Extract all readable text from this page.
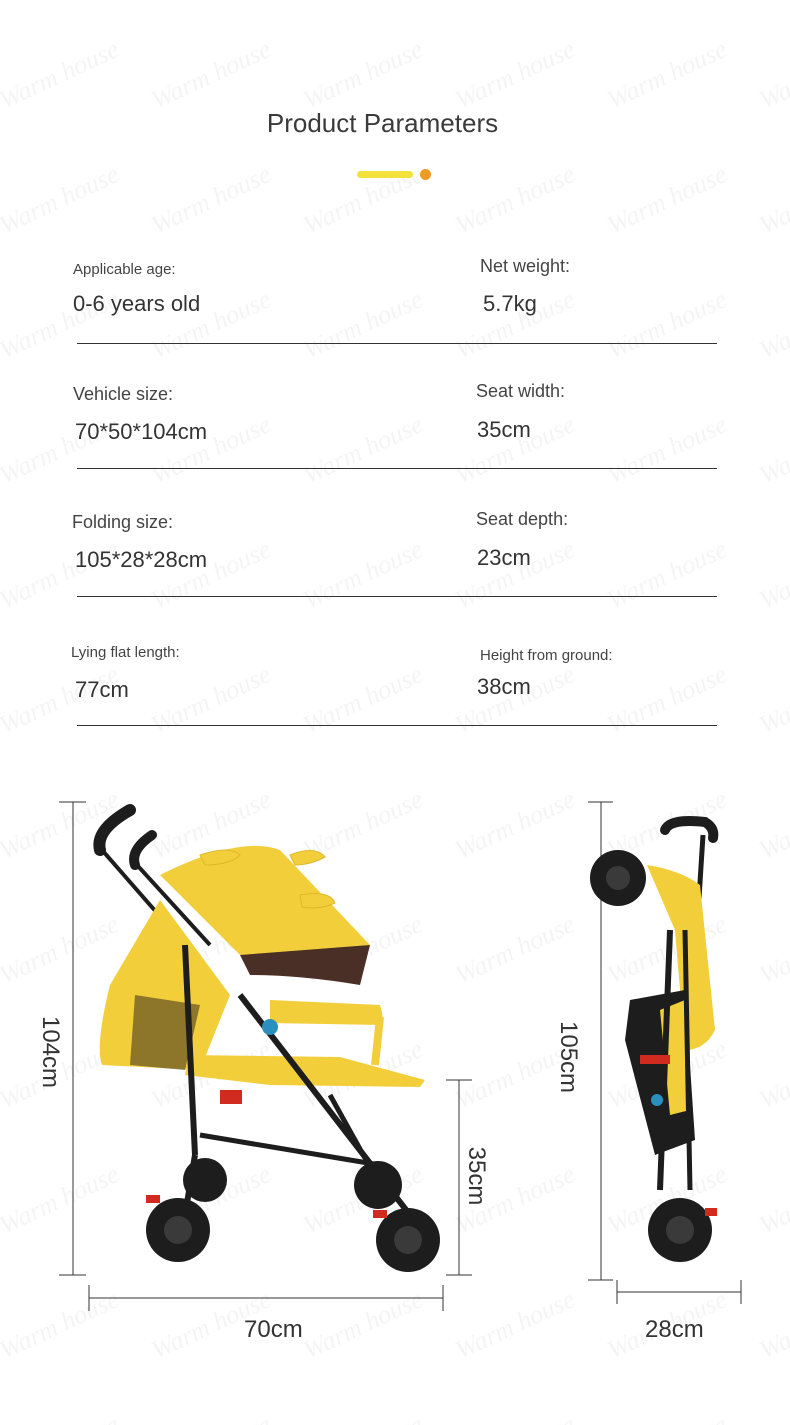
Product Parameters
Applicable age:
0-6 years old
Net weight:
5.7kg
Vehicle size:
70*50*104cm
Seat width:
35cm
Folding size:
105*28*28cm
Seat depth:
23cm
Lying flat length:
77cm
Height from ground:
38cm
104cm
35cm
70cm
105cm
28cm
